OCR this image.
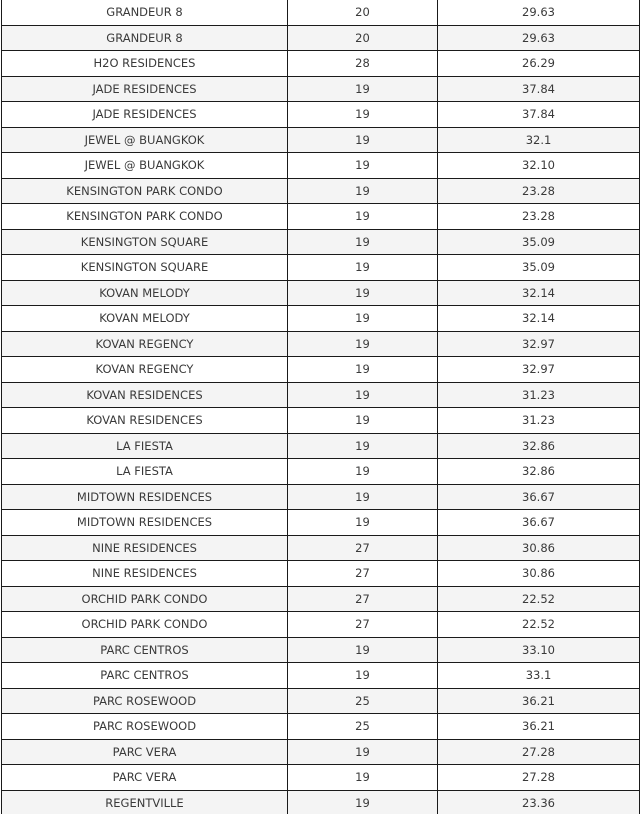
GRANDEUR 8	20	29.63
GRANDEUR 8	20	29.63
H2O RESIDENCES	28	26.29
JADE RESIDENCES	19	37.84
JADE RESIDENCES	19	37.84
JEWEL @ BUANGKOK	19	32.1
JEWEL @ BUANGKOK	19	32.10
KENSINGTON PARK CONDO	19	23.28
KENSINGTON PARK CONDO	19	23.28
KENSINGTON SQUARE	19	35.09
KENSINGTON SQUARE	19	35.09
KOVAN MELODY	19	32.14
KOVAN MELODY	19	32.14
KOVAN REGENCY	19	32.97
KOVAN REGENCY	19	32.97
KOVAN RESIDENCES	19	31.23
KOVAN RESIDENCES	19	31.23
LA FIESTA	19	32.86
LA FIESTA	19	32.86
MIDTOWN RESIDENCES	19	36.67
MIDTOWN RESIDENCES	19	36.67
NINE RESIDENCES	27	30.86
NINE RESIDENCES	27	30.86
ORCHID PARK CONDO	27	22.52
ORCHID PARK CONDO	27	22.52
PARC CENTROS	19	33.10
PARC CENTROS	19	33.1
PARC ROSEWOOD	25	36.21
PARC ROSEWOOD	25	36.21
PARC VERA	19	27.28
PARC VERA	19	27.28
REGENTVILLE	19	23.36
